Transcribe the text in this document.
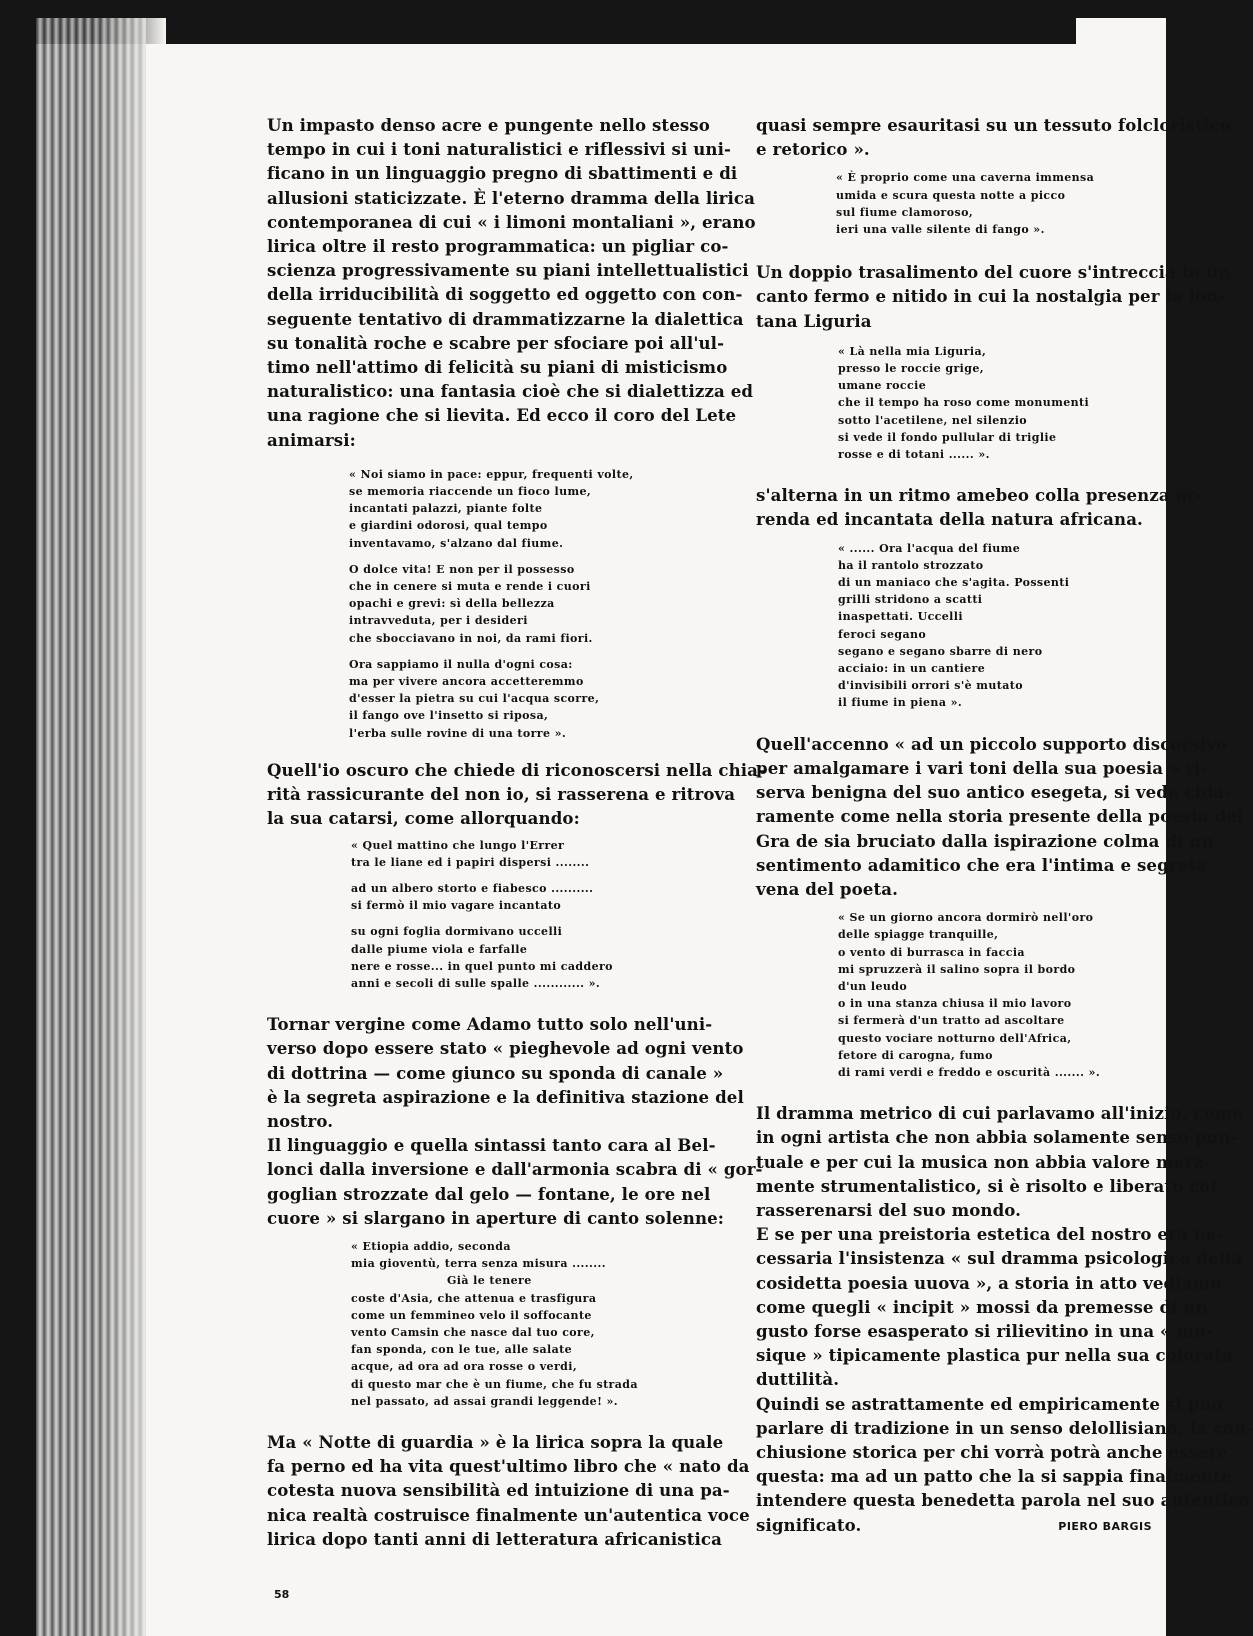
Un impasto denso acre e pungente nello stesso
tempo in cui i toni naturalistici e riflessivi si uni-
ficano in un linguaggio pregno di sbattimenti e di
allusioni staticizzate. È l'eterno dramma della lirica
contemporanea di cui « i limoni montaliani », erano
lirica oltre il resto programmatica: un pigliar co-
scienza progressivamente su piani intellettualistici
della irriducibilità di soggetto ed oggetto con con-
seguente tentativo di drammatizzarne la dialettica
su tonalità roche e scabre per sfociare poi all'ul-
timo nell'attimo di felicità su piani di misticismo
naturalistico: una fantasia cioè che si dialettizza ed
una ragione che si lievita. Ed ecco il coro del Lete
animarsi:
« Noi siamo in pace: eppur, frequenti volte,
se memoria riaccende un fioco lume,
incantati palazzi, piante folte
e giardini odorosi, qual tempo
inventavamo, s'alzano dal fiume.
O dolce vita! E non per il possesso
che in cenere si muta e rende i cuori
opachi e grevi: sì della bellezza
intravveduta, per i desideri
che sbocciavano in noi, da rami fiori.
Ora sappiamo il nulla d'ogni cosa:
ma per vivere ancora accetteremmo
d'esser la pietra su cui l'acqua scorre,
il fango ove l'insetto si riposa,
l'erba sulle rovine di una torre ».
Quell'io oscuro che chiede di riconoscersi nella chia-
rità rassicurante del non io, si rasserena e ritrova
la sua catarsi, come allorquando:
« Quel mattino che lungo l'Errer
tra le liane ed i papiri dispersi ........
ad un albero storto e fiabesco ..........
si fermò il mio vagare incantato
su ogni foglia dormivano uccelli
dalle piume viola e farfalle
nere e rosse... in quel punto mi caddero
anni e secoli di sulle spalle ............ ».
Tornar vergine come Adamo tutto solo nell'uni-
verso dopo essere stato « pieghevole ad ogni vento
di dottrina — come giunco su sponda di canale »
è la segreta aspirazione e la definitiva stazione del
nostro.
Il linguaggio e quella sintassi tanto cara al Bel-
lonci dalla inversione e dall'armonia scabra di « gor-
goglian strozzate dal gelo — fontane, le ore nel
cuore » si slargano in aperture di canto solenne:
« Etiopia addio, seconda
mia gioventù, terra senza misura ........
Già le tenere
coste d'Asia, che attenua e trasfigura
come un femmineo velo il soffocante
vento Camsin che nasce dal tuo core,
fan sponda, con le tue, alle salate
acque, ad ora ad ora rosse o verdi,
di questo mar che è un fiume, che fu strada
nel passato, ad assai grandi leggende! ».
Ma « Notte di guardia » è la lirica sopra la quale
fa perno ed ha vita quest'ultimo libro che « nato da
cotesta nuova sensibilità ed intuizione di una pa-
nica realtà costruisce finalmente un'autentica voce
lirica dopo tanti anni di letteratura africanistica
quasi sempre esauritasi su un tessuto folcloristico
e retorico ».
« È proprio come una caverna immensa
umida e scura questa notte a picco
sul fiume clamoroso,
ieri una valle silente di fango ».
Un doppio trasalimento del cuore s'intreccia in un
canto fermo e nitido in cui la nostalgia per la lon-
tana Liguria
« Là nella mia Liguria,
presso le roccie grige,
umane roccie
che il tempo ha roso come monumenti
sotto l'acetilene, nel silenzio
si vede il fondo pullular di triglie
rosse e di totani ...... ».
s'alterna in un ritmo amebeo colla presenza or-
renda ed incantata della natura africana.
« ...... Ora l'acqua del fiume
ha il rantolo strozzato
di un maniaco che s'agita. Possenti
grilli stridono a scatti
inaspettati. Uccelli
feroci segano
segano e segano sbarre di nero
acciaio: in un cantiere
d'invisibili orrori s'è mutato
il fiume in piena ».
Quell'accenno « ad un piccolo supporto discorsivo
per amalgamare i vari toni della sua poesia » ri-
serva benigna del suo antico esegeta, si vede chia-
ramente come nella storia presente della poesia del
Gra de sia bruciato dalla ispirazione colma di un
sentimento adamitico che era l'intima e segreta
vena del poeta.
« Se un giorno ancora dormirò nell'oro
delle spiagge tranquille,
o vento di burrasca in faccia
mi spruzzerà il salino sopra il bordo
d'un leudo
o in una stanza chiusa il mio lavoro
si fermerà d'un tratto ad ascoltare
questo vociare notturno dell'Africa,
fetore di carogna, fumo
di rami verdi e freddo e oscurità ....... ».
Il dramma metrico di cui parlavamo all'inizio, come
in ogni artista che non abbia solamente senso pun-
tuale e per cui la musica non abbia valore mera-
mente strumentalistico, si è risolto e liberato col
rasserenarsi del suo mondo.
E se per una preistoria estetica del nostro era ne-
cessaria l'insistenza « sul dramma psicologico della
cosidetta poesia uuova », a storia in atto vediamo
come quegli « incipit » mossi da premesse di un
gusto forse esasperato si rilievitino in una « mu-
sique » tipicamente plastica pur nella sua colorata
duttilità.
Quindi se astrattamente ed empiricamente si può
parlare di tradizione in un senso delollisiano, la con-
chiusione storica per chi vorrà potrà anche essere
questa: ma ad un patto che la si sappia finalmente
intendere questa benedetta parola nel suo autentico
significato.	PIERO BARGIS
58
